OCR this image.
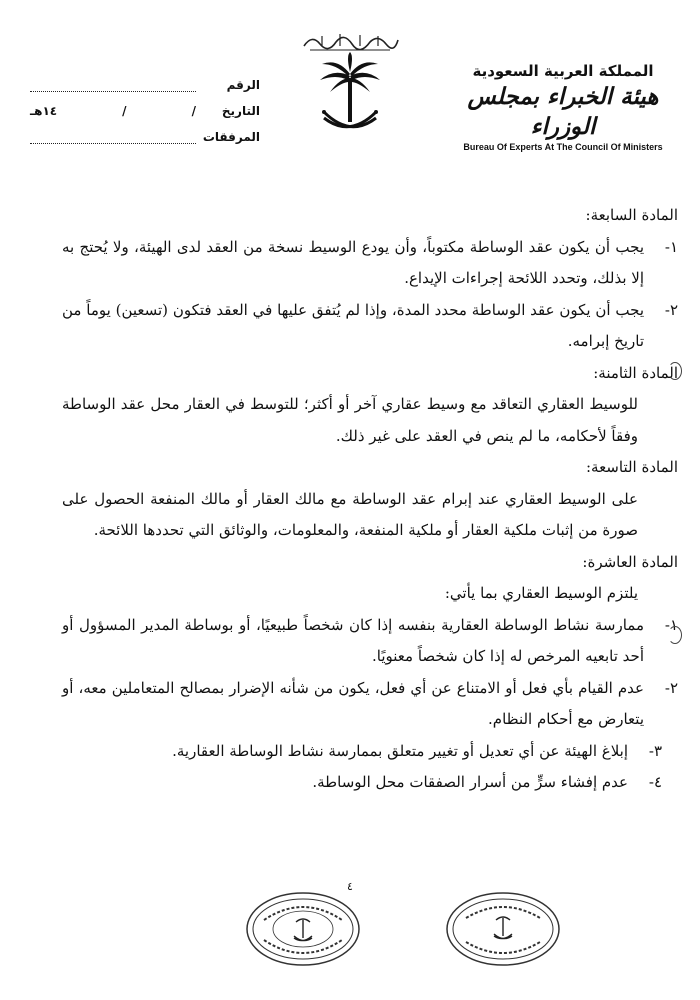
المملكة العربية السعودية
هيئة الخبراء بمجلس الوزراء
Bureau Of Experts At The Council Of Ministers
الرقم
التاريخ
/
/
١٤هـ
المرفقات
المادة السابعة:
١-
يجب أن يكون عقد الوساطة مكتوباً، وأن يودع الوسيط نسخة من العقد لدى الهيئة، ولا يُحتج به إلا بذلك، وتحدد اللائحة إجراءات الإيداع.
٢-
يجب أن يكون عقد الوساطة محدد المدة، وإذا لم يُتفق عليها في العقد فتكون (تسعين) يوماً من تاريخ إبرامه.
المادة الثامنة:
للوسيط العقاري التعاقد مع وسيط عقاري آخر أو أكثر؛ للتوسط في العقار محل عقد الوساطة وفقاً لأحكامه، ما لم ينص في العقد على غير ذلك.
المادة التاسعة:
على الوسيط العقاري عند إبرام عقد الوساطة مع مالك العقار أو مالك المنفعة الحصول على صورة من إثبات ملكية العقار أو ملكية المنفعة، والمعلومات، والوثائق التي تحددها اللائحة.
المادة العاشرة:
يلتزم الوسيط العقاري بما يأتي:
١-
ممارسة نشاط الوساطة العقارية بنفسه إذا كان شخصاً طبيعيًا، أو بوساطة المدير المسؤول أو أحد تابعيه المرخص له إذا كان شخصاً معنويًا.
٢-
عدم القيام بأي فعل أو الامتناع عن أي فعل، يكون من شأنه الإضرار بمصالح المتعاملين معه، أو يتعارض مع أحكام النظام.
٣-
إبلاغ الهيئة عن أي تعديل أو تغيير متعلق بممارسة نشاط الوساطة العقارية.
٤-
عدم إفشاء سرٍّ من أسرار الصفقات محل الوساطة.
٤
